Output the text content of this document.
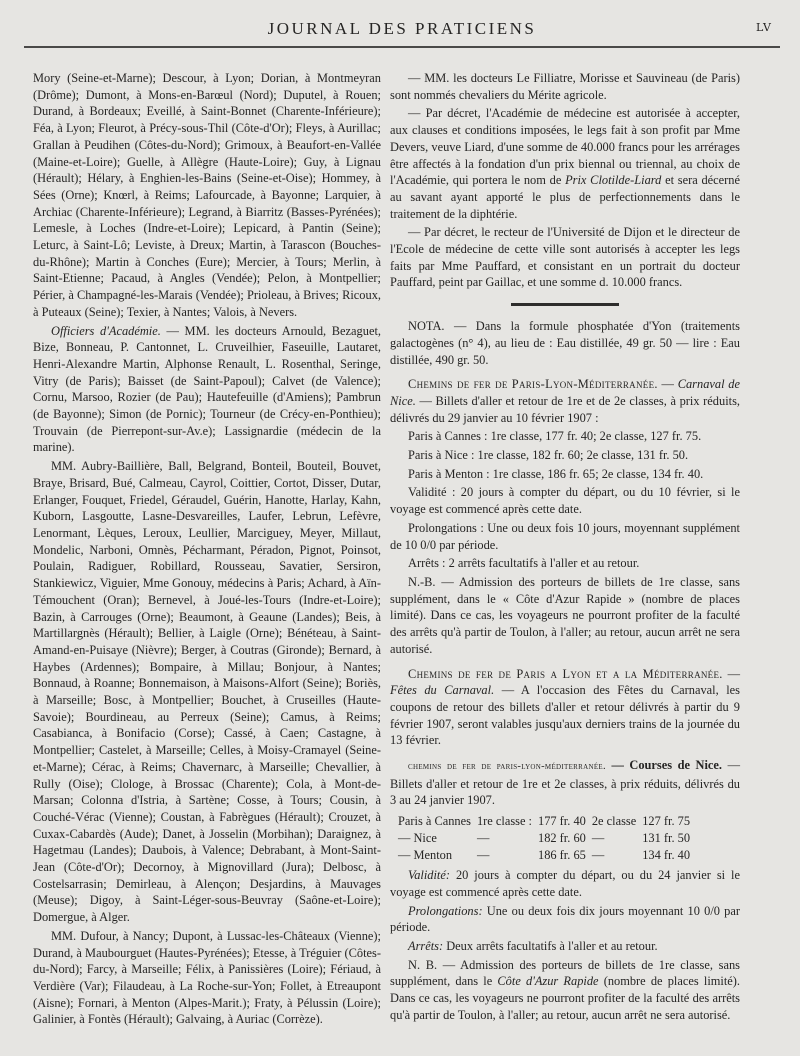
JOURNAL DES PRATICIENS	LV

Mory (Seine-et-Marne); Descour, à Lyon; Dorian, à Montmeyran (Drôme); Dumont, à Mons-en-Barœul (Nord); Duputel, à Rouen; Durand, à Bordeaux; Eveillé, à Saint-Bonnet (Charente-Inférieure); Féa, à Lyon; Fleurot, à Précy-sous-Thil (Côte-d'Or); Fleys, à Aurillac; Grallan à Peudihen (Côtes-du-Nord); Grimoux, à Beaufort-en-Vallée (Maine-et-Loire); Guelle, à Allègre (Haute-Loire); Guy, à Lignau (Hérault); Hélary, à Enghien-les-Bains (Seine-et-Oise); Hommey, à Sées (Orne); Knœrl, à Reims; Lafourcade, à Bayonne; Larquier, à Archiac (Charente-Inférieure); Legrand, à Biarritz (Basses-Pyrénées); Lemesle, à Loches (Indre-et-Loire); Lepicard, à Pantin (Seine); Leturc, à Saint-Lô; Leviste, à Dreux; Martin, à Tarascon (Bouches-du-Rhône); Martin à Conches (Eure); Mercier, à Tours; Merlin, à Saint-Etienne; Pacaud, à Angles (Vendée); Pelon, à Montpellier; Périer, à Champagné-les-Marais (Vendée); Prioleau, à Brives; Ricoux, à Puteaux (Seine); Texier, à Nantes; Valois, à Nevers.

Officiers d'Académie. — MM. les docteurs Arnould, Bezaguet, Bize, Bonneau, P. Cantonnet, L. Cruveilhier, Faseuille, Lautaret, Henri-Alexandre Martin, Alphonse Renault, L. Rosenthal, Seringe, Vitry (de Paris); Baisset (de Saint-Papoul); Calvet (de Valence); Cornu, Marsoo, Rozier (de Pau); Hautefeuille (d'Amiens); Pambrun (de Bayonne); Simon (de Pornic); Tourneur (de Crécy-en-Ponthieu); Trouvain (de Pierrepont-sur-Av.e); Lassignardie (médecin de la marine).

MM. Aubry-Baillière, Ball, Belgrand, Bonteil, Bouteil, Bouvet, Braye, Brisard, Bué, Calmeau, Cayrol, Coittier, Cortot, Disser, Dutar, Erlanger, Fouquet, Friedel, Géraudel, Guérin, Hanotte, Harlay, Kahn, Kuborn, Lasgoutte, Lasne-Desvareilles, Laufer, Lebrun, Lefèvre, Lenormant, Lèques, Leroux, Leullier, Marciguey, Meyer, Millaut, Mondelic, Narboni, Omnès, Pécharmant, Péradon, Pignot, Poinsot, Poulain, Radiguer, Robillard, Rousseau, Savatier, Sersiron, Stankiewicz, Viguier, Mme Gonouy, médecins à Paris; Achard, à Aïn-Témouchent (Oran); Bernevel, à Joué-les-Tours (Indre-et-Loire); Bazin, à Carrouges (Orne); Beaumont, à Geaune (Landes); Beis, à Martillargnès (Hérault); Bellier, à Laigle (Orne); Bénéteau, à Saint-Amand-en-Puisaye (Nièvre); Berger, à Coutras (Gironde); Bernard, à Haybes (Ardennes); Bompaire, à Millau; Bonjour, à Nantes; Bonnaud, à Roanne; Bonnemaison, à Maisons-Alfort (Seine); Boriès, à Marseille; Bosc, à Montpellier; Bouchet, à Cruseilles (Haute-Savoie); Bourdineau, au Perreux (Seine); Camus, à Reims; Casabianca, à Bonifacio (Corse); Cassé, à Caen; Castagne, à Montpellier; Castelet, à Marseille; Celles, à Moisy-Cramayel (Seine-et-Marne); Cérac, à Reims; Chavernarc, à Marseille; Chevallier, à Rully (Oise); Clologe, à Brossac (Charente); Cola, à Mont-de-Marsan; Colonna d'Istria, à Sartène; Cosse, à Tours; Cousin, à Couché-Vérac (Vienne); Coustan, à Fabrègues (Hérault); Crouzet, à Cuxax-Cabardès (Aude); Danet, à Josselin (Morbihan); Daraignez, à Hagetmau (Landes); Daubois, à Valence; Debrabant, à Mont-Saint-Jean (Côte-d'Or); Decornoy, à Mignovillard (Jura); Delbosc, à Costelsarrasin; Demirleau, à Alençon; Desjardins, à Mauvages (Meuse); Digoy, à Saint-Léger-sous-Beuvray (Saône-et-Loire); Domergue, à Alger.

MM. Dufour, à Nancy; Dupont, à Lussac-les-Châteaux (Vienne); Durand, à Maubourguet (Hautes-Pyrénées); Etesse, à Tréguier (Côtes-du-Nord); Farcy, à Marseille; Félix, à Panissières (Loire); Fériaud, à Verdière (Var); Filaudeau, à La Roche-sur-Yon; Follet, à Etreaupont (Aisne); Fornari, à Menton (Alpes-Marit.); Fraty, à Pélussin (Loire); Galinier, à Fontès (Hérault); Galvaing, à Auriac (Corrèze).

— MM. les docteurs Le Filliatre, Morisse et Sauvineau (de Paris) sont nommés chevaliers du Mérite agricole.

— Par décret, l'Académie de médecine est autorisée à accepter, aux clauses et conditions imposées, le legs fait à son profit par Mme Devers, veuve Liard, d'une somme de 40.000 francs pour les arrérages être affectés à la fondation d'un prix biennal ou triennal, au choix de l'Académie, qui portera le nom de Prix Clotilde-Liard et sera décerné au savant ayant apporté le plus de perfectionnements dans le traitement de la diphtérie.

— Par décret, le recteur de l'Université de Dijon et le directeur de l'Ecole de médecine de cette ville sont autorisés à accepter les legs faits par Mme Pauffard, et consistant en un portrait du docteur Pauffard, peint par Gaillac, et une somme d. 10.000 francs.

NOTA. — Dans la formule phosphatée d'Yon (traitements galactogènes (n° 4), au lieu de : Eau distillée, 49 gr. 50 — lire : Eau distillée, 490 gr. 50.

Chemins de fer de Paris-Lyon-Méditerranée. — Carnaval de Nice. — Billets d'aller et retour de 1re et de 2e classes, à prix réduits, délivrés du 29 janvier au 10 février 1907 :

Paris à Cannes : 1re classe, 177 fr. 40; 2e classe, 127 fr. 75.

Paris à Nice : 1re classe, 182 fr. 60; 2e classe, 131 fr. 50.

Paris à Menton : 1re classe, 186 fr. 65; 2e classe, 134 fr. 40.

Validité : 20 jours à compter du départ, ou du 10 février, si le voyage est commencé après cette date.

Prolongations : Une ou deux fois 10 jours, moyennant supplément de 10 0/0 par période.

Arrêts : 2 arrêts facultatifs à l'aller et au retour.

N.-B. — Admission des porteurs de billets de 1re classe, sans supplément, dans le « Côte d'Azur Rapide » (nombre de places limité). Dans ce cas, les voyageurs ne pourront profiter de la faculté des arrêts qu'à partir de Toulon, à l'aller; au retour, aucun arrêt ne sera autorisé.

Chemins de fer de Paris a Lyon et a la Méditerranée. — Fêtes du Carnaval. — A l'occasion des Fêtes du Carnaval, les coupons de retour des billets d'aller et retour délivrés à partir du 9 février 1907, seront valables jusqu'aux derniers trains de la journée du 13 février.

chemins de fer de paris-lyon-méditerranée. — Courses de Nice. — Billets d'aller et retour de 1re et 2e classes, à prix réduits, délivrés du 3 au 24 janvier 1907.

Paris à Cannes	1re classe :	177 fr. 40	2e classe	127 fr. 75
— Nice	—	182 fr. 60	—	131 fr. 50
— Menton	—	186 fr. 65	—	134 fr. 40

Validité: 20 jours à compter du départ, ou du 24 janvier si le voyage est commencé après cette date.

Prolongations: Une ou deux fois dix jours moyennant 10 0/0 par période.

Arrêts: Deux arrêts facultatifs à l'aller et au retour.

N. B. — Admission des porteurs de billets de 1re classe, sans supplément, dans le Côte d'Azur Rapide (nombre de places limité). Dans ce cas, les voyageurs ne pourront profiter de la faculté des arrêts qu'à partir de Toulon, à l'aller; au retour, aucun arrêt ne sera autorisé.
